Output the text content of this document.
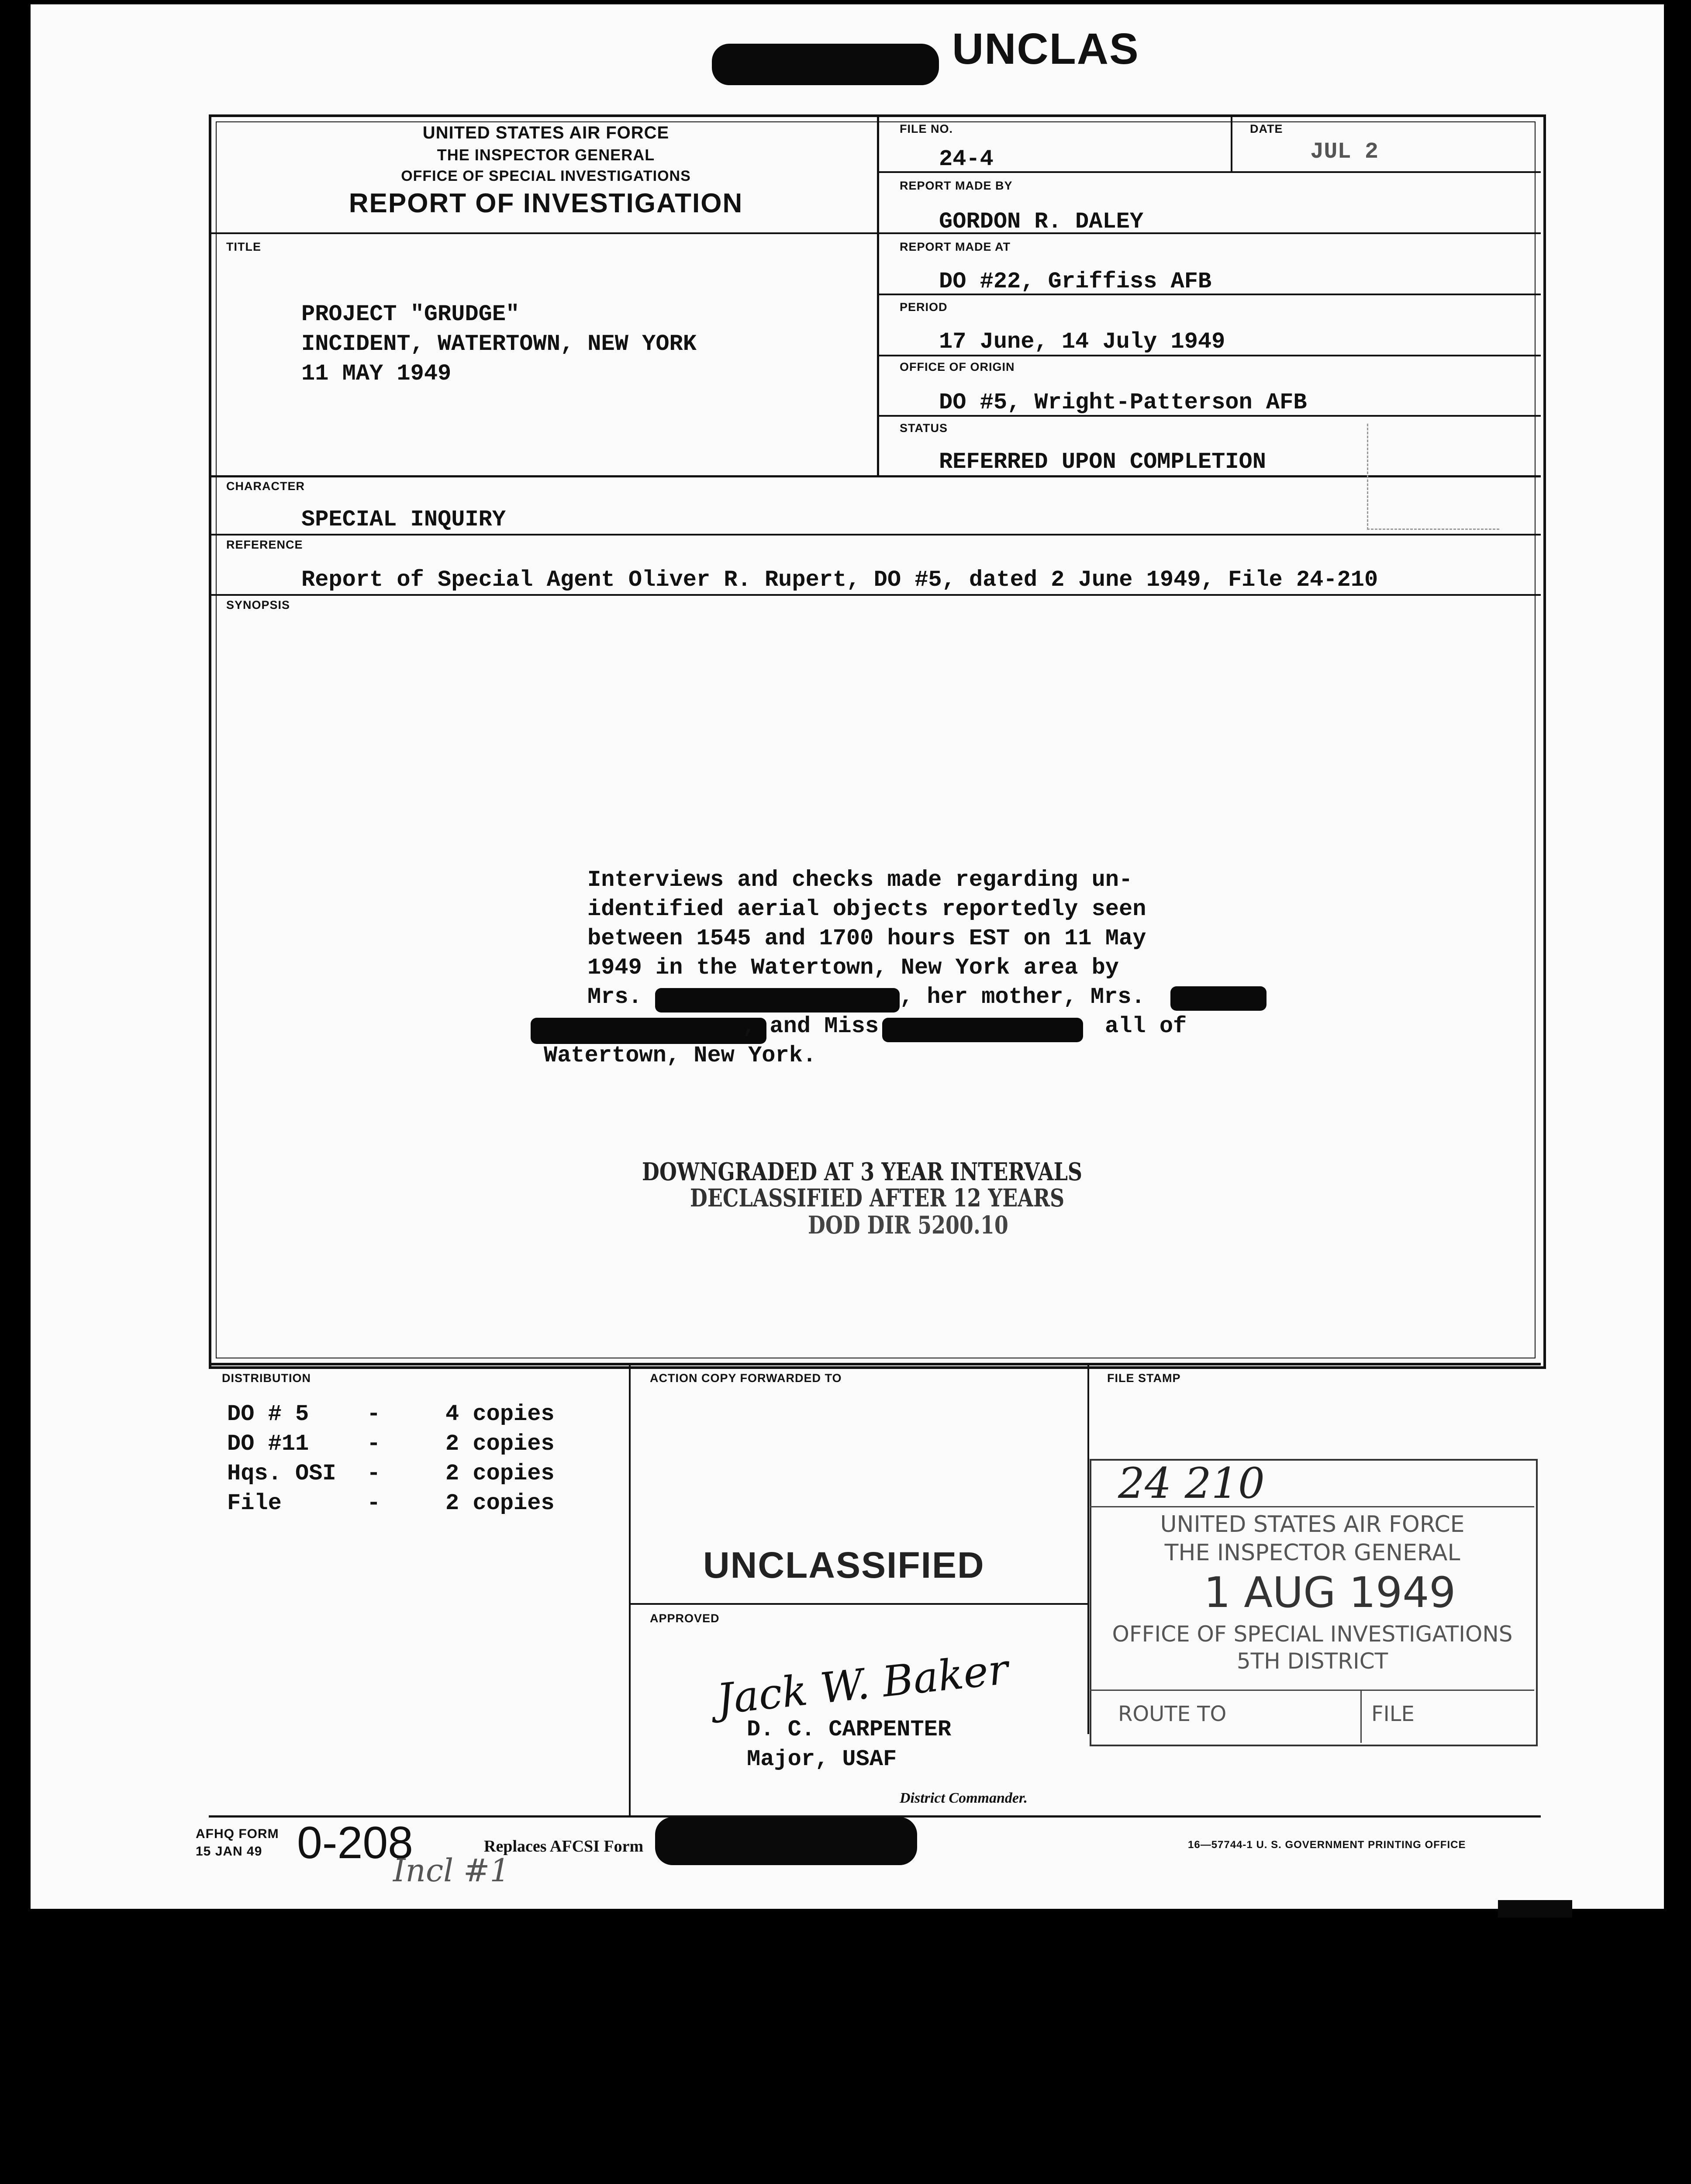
UNCLAS
UNITED STATES AIR FORCE
THE INSPECTOR GENERAL
OFFICE OF SPECIAL INVESTIGATIONS
REPORT OF INVESTIGATION
FILE NO.
24-4
DATE
JUL 2
REPORT MADE BY
GORDON R. DALEY
REPORT MADE AT
DO #22, Griffiss AFB
PERIOD
17 June, 14 July 1949
OFFICE OF ORIGIN
DO #5, Wright-Patterson AFB
STATUS
REFERRED UPON COMPLETION
TITLE
PROJECT "GRUDGE"
INCIDENT, WATERTOWN, NEW YORK
11 MAY 1949
CHARACTER
SPECIAL INQUIRY
REFERENCE
Report of Special Agent Oliver R. Rupert, DO #5, dated 2 June 1949, File 24-210
SYNOPSIS
Interviews and checks made regarding un-
identified aerial objects reportedly seen
between 1545 and 1700 hours EST on 11 May
1949 in the Watertown, New York area by
Mrs.	, her mother, Mrs.
, and Miss	all of
Watertown, New York.
DOWNGRADED AT 3 YEAR INTERVALS
DECLASSIFIED AFTER 12 YEARS
DOD DIR 5200.10
DISTRIBUTION
DO # 5	-	4 copies
DO #11	-	2 copies
Hqs. OSI -	2 copies
File	-	2 copies
ACTION COPY FORWARDED TO
UNCLASSIFIED
APPROVED
Jack W. Baker
D. C. CARPENTER
Major, USAF
District Commander.
FILE STAMP
24 210
UNITED STATES AIR FORCE
THE INSPECTOR GENERAL
1 AUG 1949
OFFICE OF SPECIAL INVESTIGATIONS
5TH DISTRICT
ROUTE TO	FILE
AFHQ FORM
15 JAN 49 0-208	Replaces AFCSI Form	16—57744-1 U. S. GOVERNMENT PRINTING OFFICE
Incl #1
